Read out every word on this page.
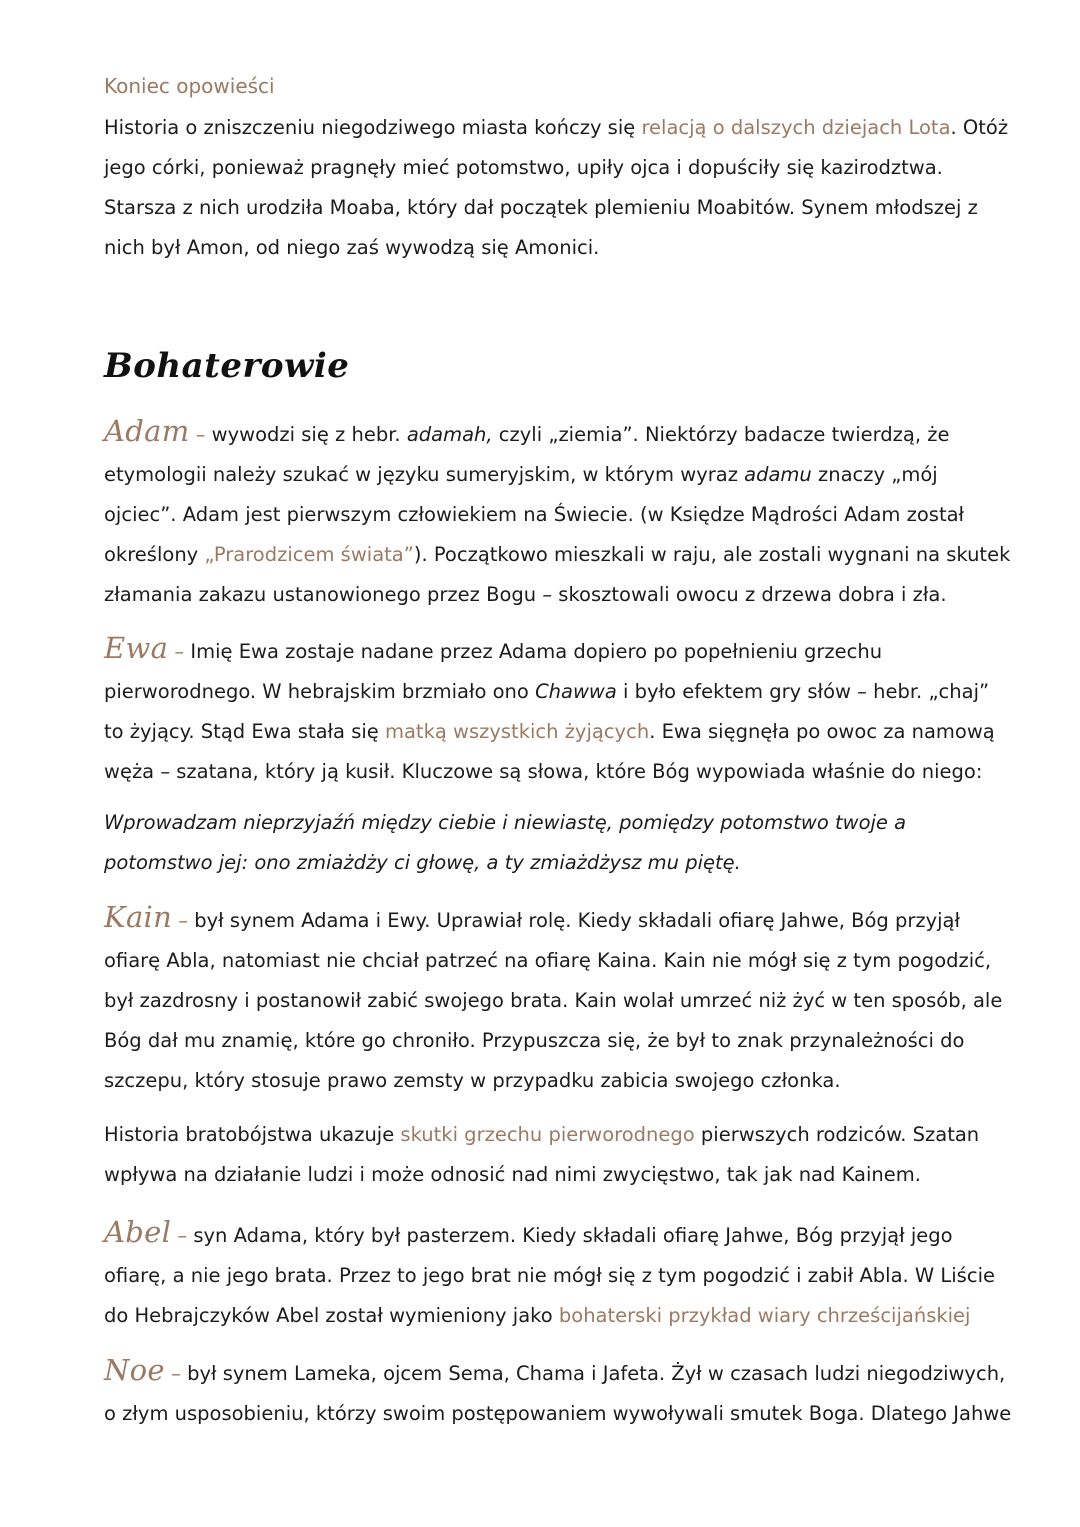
Koniec opowieści
Historia o zniszczeniu niegodziwego miasta kończy się relacją o dalszych dziejach Lota. Otóż jego córki, ponieważ pragnęły mieć potomstwo, upiły ojca i dopuściły się kazirodztwa. Starsza z nich urodziła Moaba, który dał początek plemieniu Moabitów. Synem młodszej z nich był Amon, od niego zaś wywodzą się Amonici.
Bohaterowie
Adam – wywodzi się z hebr. adamah, czyli „ziemia”. Niektórzy badacze twierdzą, że etymologii należy szukać w języku sumeryjskim, w którym wyraz adamu znaczy „mój ojciec”. Adam jest pierwszym człowiekiem na Świecie. (w Księdze Mądrości Adam został określony „Prarodzicem świata”). Początkowo mieszkali w raju, ale zostali wygnani na skutek złamania zakazu ustanowionego przez Bogu – skosztowali owocu z drzewa dobra i zła.
Ewa – Imię Ewa zostaje nadane przez Adama dopiero po popełnieniu grzechu pierworodnego. W hebrajskim brzmiało ono Chawwa i było efektem gry słów – hebr. „chaj” to żyjący. Stąd Ewa stała się matką wszystkich żyjących. Ewa sięgnęła po owoc za namową węża – szatana, który ją kusił. Kluczowe są słowa, które Bóg wypowiada właśnie do niego:
Wprowadzam nieprzyjaźń między ciebie i niewiastę, pomiędzy potomstwo twoje a potomstwo jej: ono zmiażdży ci głowę, a ty zmiażdżysz mu piętę.
Kain – był synem Adama i Ewy. Uprawiał rolę. Kiedy składali ofiarę Jahwe, Bóg przyjął ofiarę Abla, natomiast nie chciał patrzeć na ofiarę Kaina. Kain nie mógł się z tym pogodzić, był zazdrosny i postanowił zabić swojego brata. Kain wolał umrzeć niż żyć w ten sposób, ale Bóg dał mu znamię, które go chroniło. Przypuszcza się, że był to znak przynależności do szczepu, który stosuje prawo zemsty w przypadku zabicia swojego członka.
Historia bratobójstwa ukazuje skutki grzechu pierworodnego pierwszych rodziców. Szatan wpływa na działanie ludzi i może odnosić nad nimi zwycięstwo, tak jak nad Kainem.
Abel – syn Adama, który był pasterzem. Kiedy składali ofiarę Jahwe, Bóg przyjął jego ofiarę, a nie jego brata. Przez to jego brat nie mógł się z tym pogodzić i zabił Abla. W Liście do Hebrajczyków Abel został wymieniony jako bohaterski przykład wiary chrześcijańskiej
Noe – był synem Lameka, ojcem Sema, Chama i Jafeta. Żył w czasach ludzi niegodziwych, o złym usposobieniu, którzy swoim postępowaniem wywoływali smutek Boga. Dlatego Jahwe
